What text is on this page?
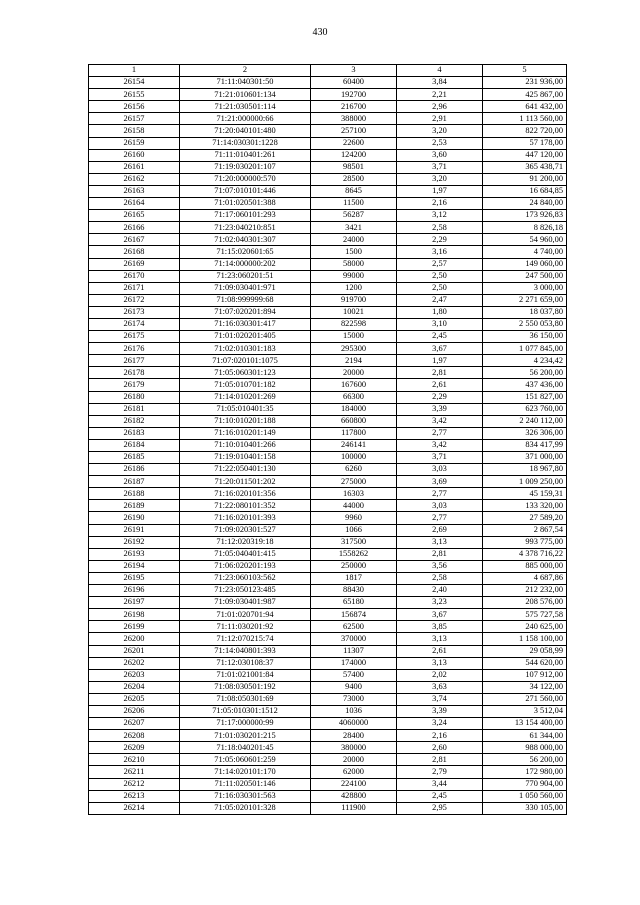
430
1	2	3	4	5
26154	71:11:040301:50	60400	3,84	231 936,00
26155	71:21:010601:134	192700	2,21	425 867,00
26156	71:21:030501:114	216700	2,96	641 432,00
26157	71:21:000000:66	388000	2,91	1 113 560,00
26158	71:20:040101:480	257100	3,20	822 720,00
26159	71:14:030301:1228	22600	2,53	57 178,00
26160	71:11:010401:261	124200	3,60	447 120,00
26161	71:19:030201:107	98501	3,71	365 438,71
26162	71:20:000000:570	28500	3,20	91 200,00
26163	71:07:010101:446	8645	1,97	16 684,85
26164	71:01:020501:388	11500	2,16	24 840,00
26165	71:17:060101:293	56287	3,12	173 926,83
26166	71:23:040210:851	3421	2,58	8 826,18
26167	71:02:040301:307	24000	2,29	54 960,00
26168	71:15:020601:65	1500	3,16	4 740,00
26169	71:14:000000:202	58000	2,57	149 060,00
26170	71:23:060201:51	99000	2,50	247 500,00
26171	71:09:030401:971	1200	2,50	3 000,00
26172	71:08:999999:68	919700	2,47	2 271 659,00
26173	71:07:020201:894	10021	1,80	18 037,80
26174	71:16:030301:417	822598	3,10	2 550 053,80
26175	71:01:020201:405	15000	2,45	36 150,00
26176	71:02:010301:183	295300	3,67	1 077 845,00
26177	71:07:020101:1075	2194	1,97	4 234,42
26178	71:05:060301:123	20000	2,81	56 200,00
26179	71:05:010701:182	167600	2,61	437 436,00
26180	71:14:010201:269	66300	2,29	151 827,00
26181	71:05:010401:35	184000	3,39	623 760,00
26182	71:10:010201:188	660800	3,42	2 240 112,00
26183	71:16:010201:149	117800	2,77	326 306,00
26184	71:10:010401:266	246141	3,42	834 417,99
26185	71:19:010401:158	100000	3,71	371 000,00
26186	71:22:050401:130	6260	3,03	18 967,80
26187	71:20:011501:202	275000	3,69	1 009 250,00
26188	71:16:020101:356	16303	2,77	45 159,31
26189	71:22:080101:352	44000	3,03	133 320,00
26190	71:16:020101:393	9960	2,77	27 589,20
26191	71:09:020301:527	1066	2,69	2 867,54
26192	71:12:020319:18	317500	3,13	993 775,00
26193	71:05:040401:415	1558262	2,81	4 378 716,22
26194	71:06:020201:193	250000	3,56	885 000,00
26195	71:23:060103:562	1817	2,58	4 687,86
26196	71:23:050123:485	88430	2,40	212 232,00
26197	71:09:030401:987	65180	3,23	208 576,00
26198	71:01:020701:94	156874	3,67	575 727,58
26199	71:11:030201:92	62500	3,85	240 625,00
26200	71:12:070215:74	370000	3,13	1 158 100,00
26201	71:14:040801:393	11307	2,61	29 058,99
26202	71:12:030108:37	174000	3,13	544 620,00
26203	71:01:021001:84	57400	2,02	107 912,00
26204	71:08:030501:192	9400	3,63	34 122,00
26205	71:08:050301:69	73000	3,74	271 560,00
26206	71:05:010301:1512	1036	3,39	3 512,04
26207	71:17:000000:99	4060000	3,24	13 154 400,00
26208	71:01:030201:215	28400	2,16	61 344,00
26209	71:18:040201:45	380000	2,60	988 000,00
26210	71:05:060601:259	20000	2,81	56 200,00
26211	71:14:020101:170	62000	2,79	172 980,00
26212	71:11:020501:146	224100	3,44	770 904,00
26213	71:16:030301:563	428800	2,45	1 050 560,00
26214	71:05:020101:328	111900	2,95	330 105,00
